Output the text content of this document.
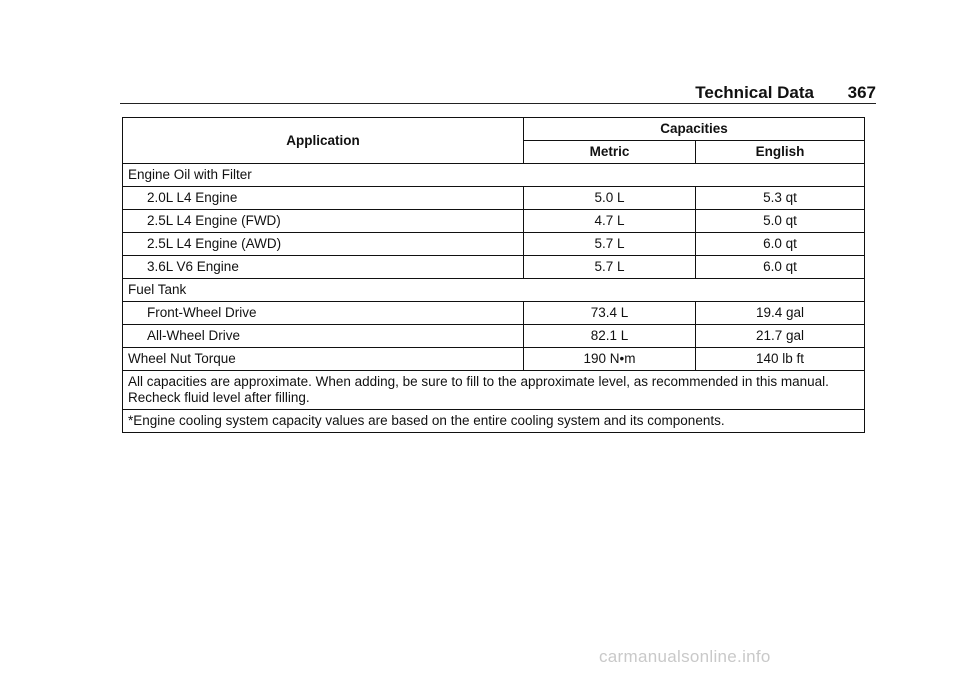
Technical Data 367
Application	Capacities	
	Metric	English
Engine Oil with Filter		
2.0L L4 Engine	5.0 L	5.3 qt
2.5L L4 Engine (FWD)	4.7 L	5.0 qt
2.5L L4 Engine (AWD)	5.7 L	6.0 qt
3.6L V6 Engine	5.7 L	6.0 qt
Fuel Tank		
Front-Wheel Drive	73.4 L	19.4 gal
All-Wheel Drive	82.1 L	21.7 gal
Wheel Nut Torque	190 N•m	140 lb ft
All capacities are approximate. When adding, be sure to fill to the approximate level, as recommended in this manual. Recheck fluid level after filling.		
*Engine cooling system capacity values are based on the entire cooling system and its components.		
carmanualsonline.info
